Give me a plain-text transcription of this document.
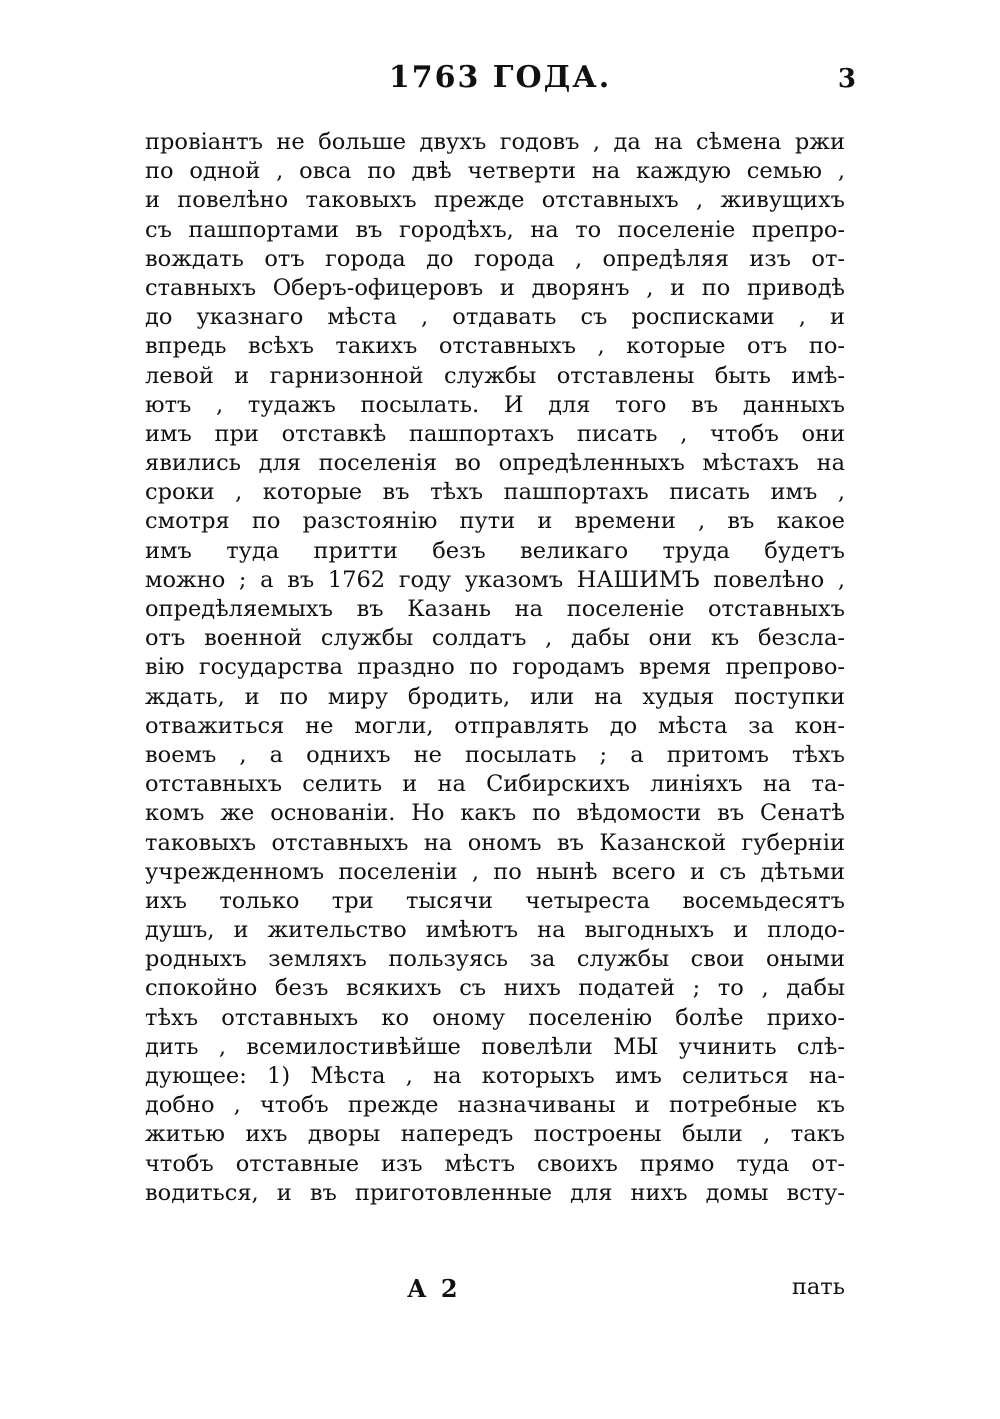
1763 ГОДА.	3
провіантъ не больше двухъ годовъ , да на сѣмена ржи
по одной , овса по двѣ четверти на каждую семью ,
и повелѣно таковыхъ прежде отставныхъ , живущихъ
съ пашпортами въ городѣхъ, на то поселеніе препро-
вождать отъ города до города , опредѣляя изъ от-
ставныхъ Оберъ-офицеровъ и дворянъ , и по приводѣ
до указнаго мѣста , отдавать съ росписками , и
впредь всѣхъ такихъ отставныхъ , которые отъ по-
левой и гарнизонной службы отставлены быть имѣ-
ютъ , тудажъ посылать. И для того въ данныхъ
имъ при отставкѣ пашпортахъ писать , чтобъ они
явились для поселенія во опредѣленныхъ мѣстахъ на
сроки , которые въ тѣхъ пашпортахъ писать имъ ,
смотря по разстоянію пути и времени , въ какое
имъ туда притти безъ великаго труда будетъ
можно ; а въ 1762 году указомъ НАШИМЪ повелѣно ,
опредѣляемыхъ въ Казань на поселеніе отставныхъ
отъ военной службы солдатъ , дабы они къ безсла-
вію государства праздно по городамъ время препрово-
ждать, и по миру бродить, или на худыя поступки
отважиться не могли, отправлять до мѣста за кон-
воемъ , а однихъ не посылать ; а притомъ тѣхъ
отставныхъ селить и на Сибирскихъ линіяхъ на та-
комъ же основаніи. Но какъ по вѣдомости въ Сенатѣ
таковыхъ отставныхъ на ономъ въ Казанской губерніи
учрежденномъ поселеніи , по нынѣ всего и съ дѣтьми
ихъ только три тысячи четыреста восемьдесятъ
душъ, и жительство имѣютъ на выгодныхъ и плодо-
родныхъ земляхъ пользуясь за службы свои оными
спокойно безъ всякихъ съ нихъ податей ; то , дабы
тѣхъ отставныхъ ко оному поселенію болѣе приxo-
дить , всемилостивѣйше повелѣли МЫ учинить слѣ-
дующее: 1) Мѣста , на которыхъ имъ селиться на-
добно , чтобъ прежде назначиваны и потребные къ
житью ихъ дворы напередъ построены были , такъ
чтобъ отставные изъ мѣстъ своихъ прямо туда от-
водиться, и въ приготовленные для нихъ домы всту-
А 2	пать
